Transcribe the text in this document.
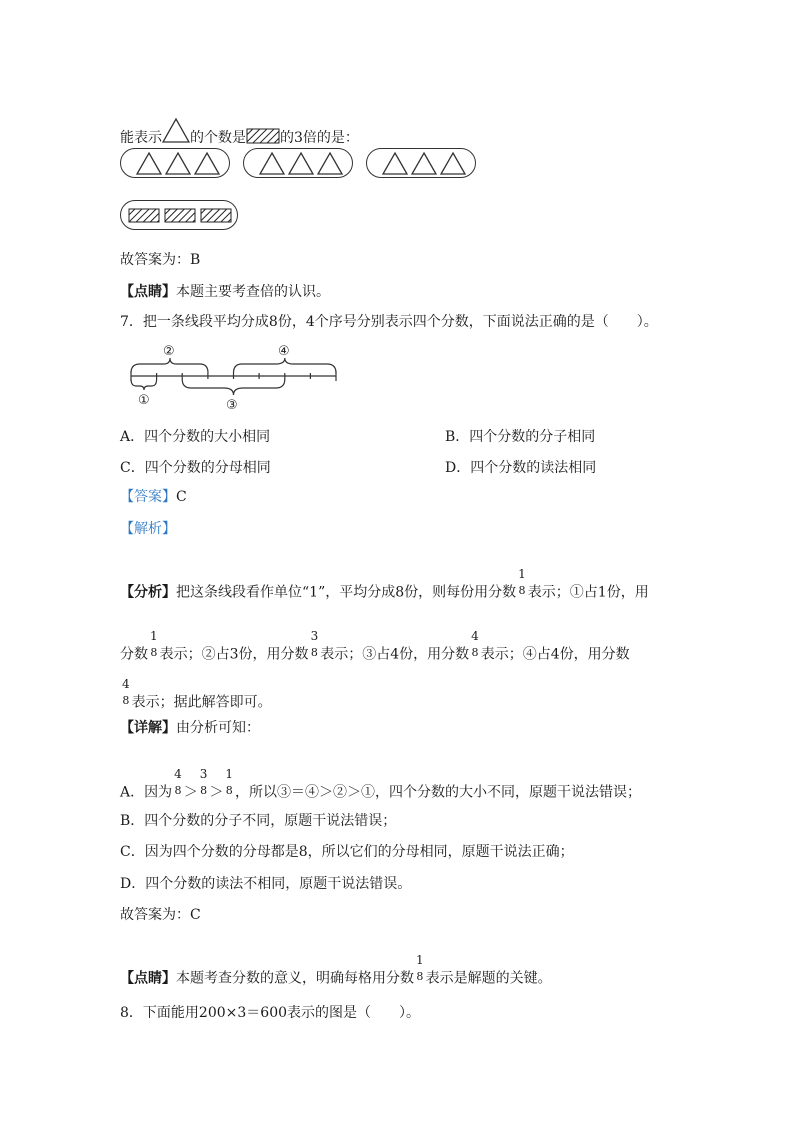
能表示 的个数是 的3倍的是：
故答案为：B
【点睛】本题主要考查倍的认识。
7．把一条线段平均分成8份，4个序号分别表示四个分数，下面说法正确的是（　　）。
①
②
③
④
A．四个分数的大小相同	B．四个分数的分子相同
C．四个分数的分母相同	D．四个分数的读法相同
【答案】C
【解析】
【分析】把这条线段看作单位“1”，平均分成8份，则每份用分数
1
8 表示；①占1份，用
分数
1
8 表示；②占3份，用分数
3
8 表示；③占4份，用分数
4
8 表示；④占4份，用分数
4
8 表示；据此解答即可。
【详解】由分析可知：
A．因为
4
8 ＞
3
8 ＞
1
8 ，所以③＝④＞②＞①，四个分数的大小不同，原题干说法错误；
B．四个分数的分子不同，原题干说法错误；
C．因为四个分数的分母都是8，所以它们的分母相同，原题干说法正确；
D．四个分数的读法不相同，原题干说法错误。
故答案为：C
【点睛】本题考查分数的意义，明确每格用分数
1
8 表示是解题的关键。
8．下面能用200×3＝600表示的图是（　　）。
